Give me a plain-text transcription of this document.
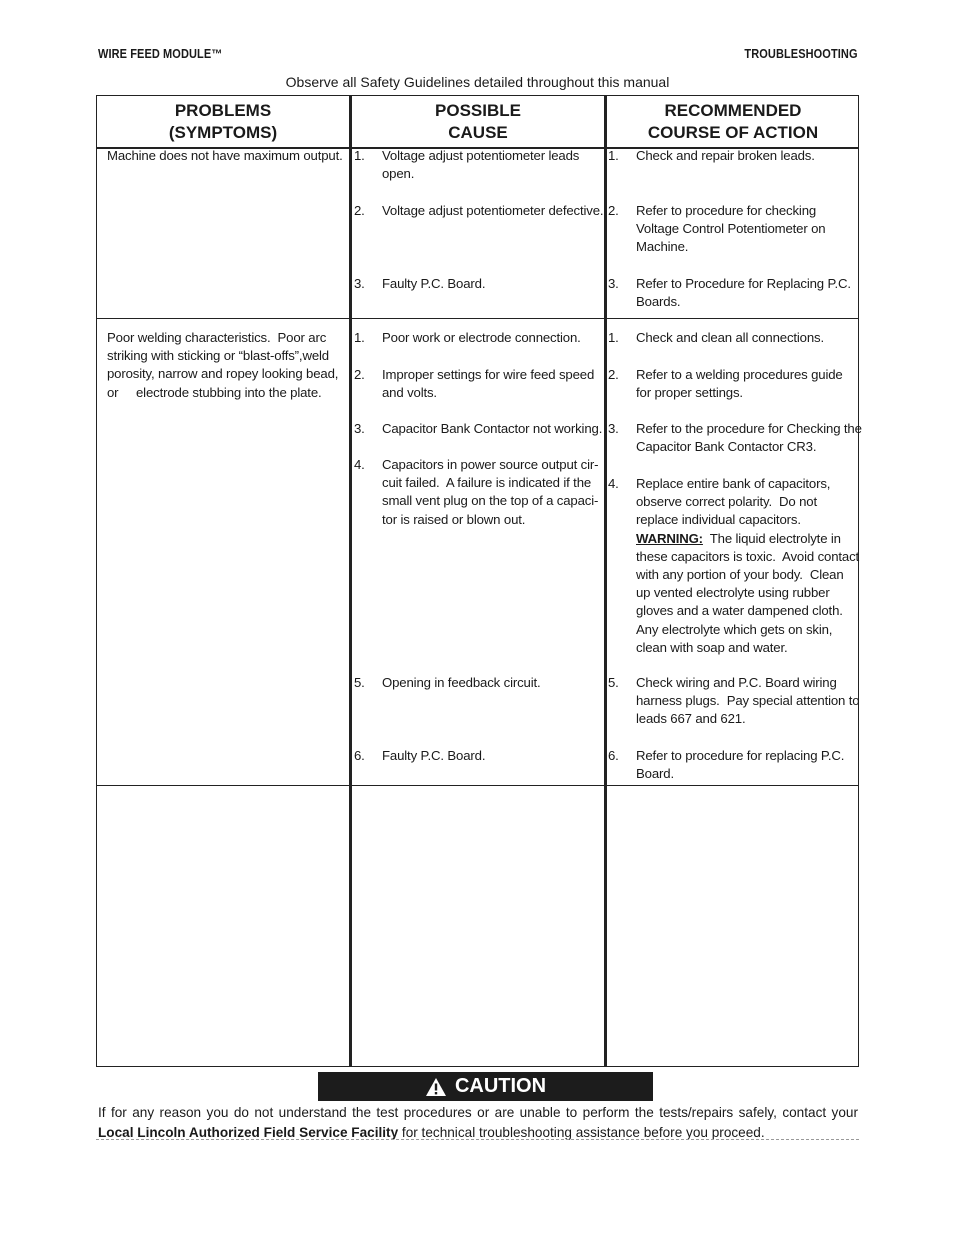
WIRE FEED MODULE™	TROUBLESHOOTING
Observe all Safety Guidelines detailed throughout this manual
PROBLEMS
(SYMPTOMS)
POSSIBLE
CAUSE
RECOMMENDED
COURSE OF ACTION
Machine does not have maximum output. 1. Voltage adjust potentiometer leads
open.
2. Voltage adjust potentiometer defective.
3. Faulty P.C. Board.
1. Check and repair broken leads.
2. Refer to procedure for checking
Voltage Control Potentiometer on
Machine.
3. Refer to Procedure for Replacing P.C.
Boards.
Poor welding characteristics.  Poor arc
striking with sticking or “blast-offs”,weld
porosity, narrow and ropey looking bead,
or     electrode stubbing into the plate.
1. Poor work or electrode connection.
2. Improper settings for wire feed speed
and volts.
3. Capacitor Bank Contactor not working.
4. Capacitors in power source output cir-
cuit failed.  A failure is indicated if the
small vent plug on the top of a capaci-
tor is raised or blown out.
5. Opening in feedback circuit.
6. Faulty P.C. Board.
1. Check and clean all connections.
2. Refer to a welding procedures guide
for proper settings.
3. Refer to the procedure for Checking the
Capacitor Bank Contactor CR3.
4. Replace entire bank of capacitors,
observe correct polarity.  Do not
replace individual capacitors.
WARNING:  The liquid electrolyte in
these capacitors is toxic.  Avoid contact
with any portion of your body.  Clean
up vented electrolyte using rubber
gloves and a water dampened cloth.
Any electrolyte which gets on skin,
clean with soap and water.
5. Check wiring and P.C. Board wiring
harness plugs.  Pay special attention to
leads 667 and 621.
6. Refer to procedure for replacing P.C.
Board.
CAUTION
If for any reason you do not understand the test procedures or are unable to perform the tests/repairs safely, contact your Local Lincoln Authorized Field Service Facility for technical troubleshooting assistance before you proceed.
